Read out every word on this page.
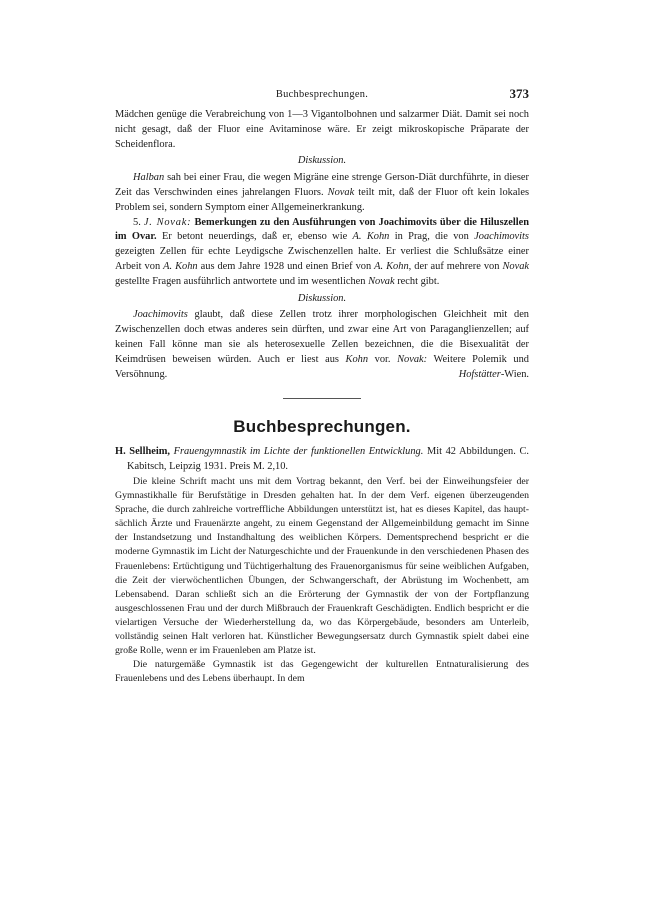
Buchbesprechungen.	373

Mädchen genüge die Verabreichung von 1—3 Vigantolbohnen und salzarmer Diät. Damit sei noch nicht gesagt, daß der Fluor eine Avitaminose wäre. Er zeigt mikroskopische Präparate der Scheidenflora.

Diskussion.

Halban sah bei einer Frau, die wegen Migräne eine strenge Gerson-Diät durchführte, in dieser Zeit das Verschwinden eines jahrelangen Fluors. Novak teilt mit, daß der Fluor oft kein lokales Problem sei, sondern Symptom einer Allgemeinerkrankung.

5. J. Novak: Bemerkungen zu den Ausführungen von Joachimovits über die Hiluszellen im Ovar. Er betont neuerdings, daß er, ebenso wie A. Kohn in Prag, die von Joachimovits gezeigten Zellen für echte Leydigsche Zwischenzellen halte. Er verliest die Schlußsätze einer Arbeit von A. Kohn aus dem Jahre 1928 und einen Brief von A. Kohn, der auf mehrere von Novak gestellte Fragen ausführlich antwortete und im wesentlichen Novak recht gibt.

Diskussion.

Joachimovits glaubt, daß diese Zellen trotz ihrer morphologischen Gleichheit mit den Zwischenzellen doch etwas anderes sein dürften, und zwar eine Art von Paraganglienzellen; auf keinen Fall könne man sie als heterosexuelle Zellen bezeichnen, die die Bisexualität der Keimdrüsen beweisen würden. Auch er liest aus Kohn vor. Novak: Weitere Polemik und Versöhnung.	Hofstätter-Wien.

Buchbesprechungen.

H. Sellheim, Frauengymnastik im Lichte der funktionellen Entwicklung. Mit 42 Abbildungen. C. Kabitsch, Leipzig 1931. Preis M. 2,10.

Die kleine Schrift macht uns mit dem Vortrag bekannt, den Verf. bei der Einweihungsfeier der Gymnastikhalle für Berufstätige in Dresden gehalten hat. In der dem Verf. eigenen überzeugenden Sprache, die durch zahlreiche vortreffliche Abbildungen unterstützt ist, hat es dieses Kapitel, das hauptsächlich Ärzte und Frauenärzte angeht, zu einem Gegenstand der Allgemeinbildung gemacht im Sinne der Instandsetzung und Instandhaltung des weiblichen Körpers. Dementsprechend bespricht er die moderne Gymnastik im Licht der Naturgeschichte und der Frauenkunde in den verschiedenen Phasen des Frauenlebens: Ertüchtigung und Tüchtigerhaltung des Frauenorganismus für seine weiblichen Aufgaben, die Zeit der vierwöchentlichen Übungen, der Schwangerschaft, der Abrüstung im Wochenbett, am Lebensabend. Daran schließt sich an die Erörterung der Gymnastik der von der Fortpflanzung ausgeschlossenen Frau und der durch Mißbrauch der Frauenkraft Geschädigten. Endlich bespricht er die vielartigen Versuche der Wiederherstellung da, wo das Körpergebäude, besonders am Unterleib, vollständig seinen Halt verloren hat. Künstlicher Bewegungsersatz durch Gymnastik spielt dabei eine große Rolle, wenn er im Frauenleben am Platze ist.

Die naturgemäße Gymnastik ist das Gegengewicht der kulturellen Entnaturalisierung des Frauenlebens und des Lebens überhaupt. In dem
